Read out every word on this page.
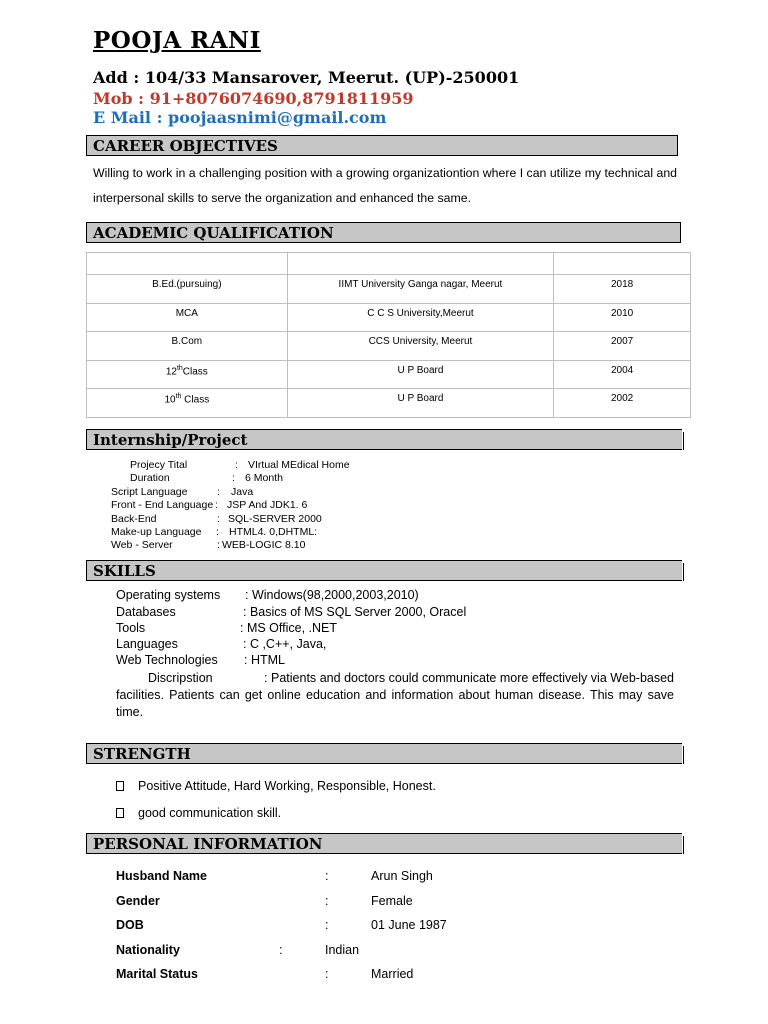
POOJA RANI
Add : 104/33 Mansarover, Meerut. (UP)-250001
Mob : 91+8076074690,8791811959
E Mail : poojaasnimi@gmail.com
CAREER OBJECTIVES
Willing to work in a challenging position with a growing organizationtion where I can utilize my technical and interpersonal skills to serve the organization and enhanced the same.
ACADEMIC QUALIFICATION

B.Ed.(pursuing)	IIMT University Ganga nagar, Meerut	2018
MCA	C C S University,Meerut	2010
B.Com	CCS University, Meerut	2007
12thClass	U P Board	2004
10th Class	U P Board	2002
Internship/Project
Projecy Tital	: VIrtual MEdical Home
Duration	: 6 Month
Script Language	: Java
Front - End Language : JSP And JDK1. 6
Back-End	: SQL-SERVER 2000
Make-up Language : HTML4. 0,DHTML:
Web - Server	: WEB-LOGIC 8.10
SKILLS
Operating systems : Windows(98,2000,2003,2010)
Databases	: Basics of MS SQL Server 2000, Oracel
Tools	: MS Office, .NET
Languages	: C ,C++, Java,
Web Technologies : HTML
Discripstion	: Patients and doctors could communicate more effectively via Web-based facilities. Patients can get online education and information about human disease. This may save time.
STRENGTH
Positive Attitude, Hard Working, Responsible, Honest.
good communication skill.
PERSONAL INFORMATION
Husband Name	:	Arun Singh
Gender	:	Female
DOB	:	01 June 1987
Nationality	:	Indian
Marital Status	:	Married
